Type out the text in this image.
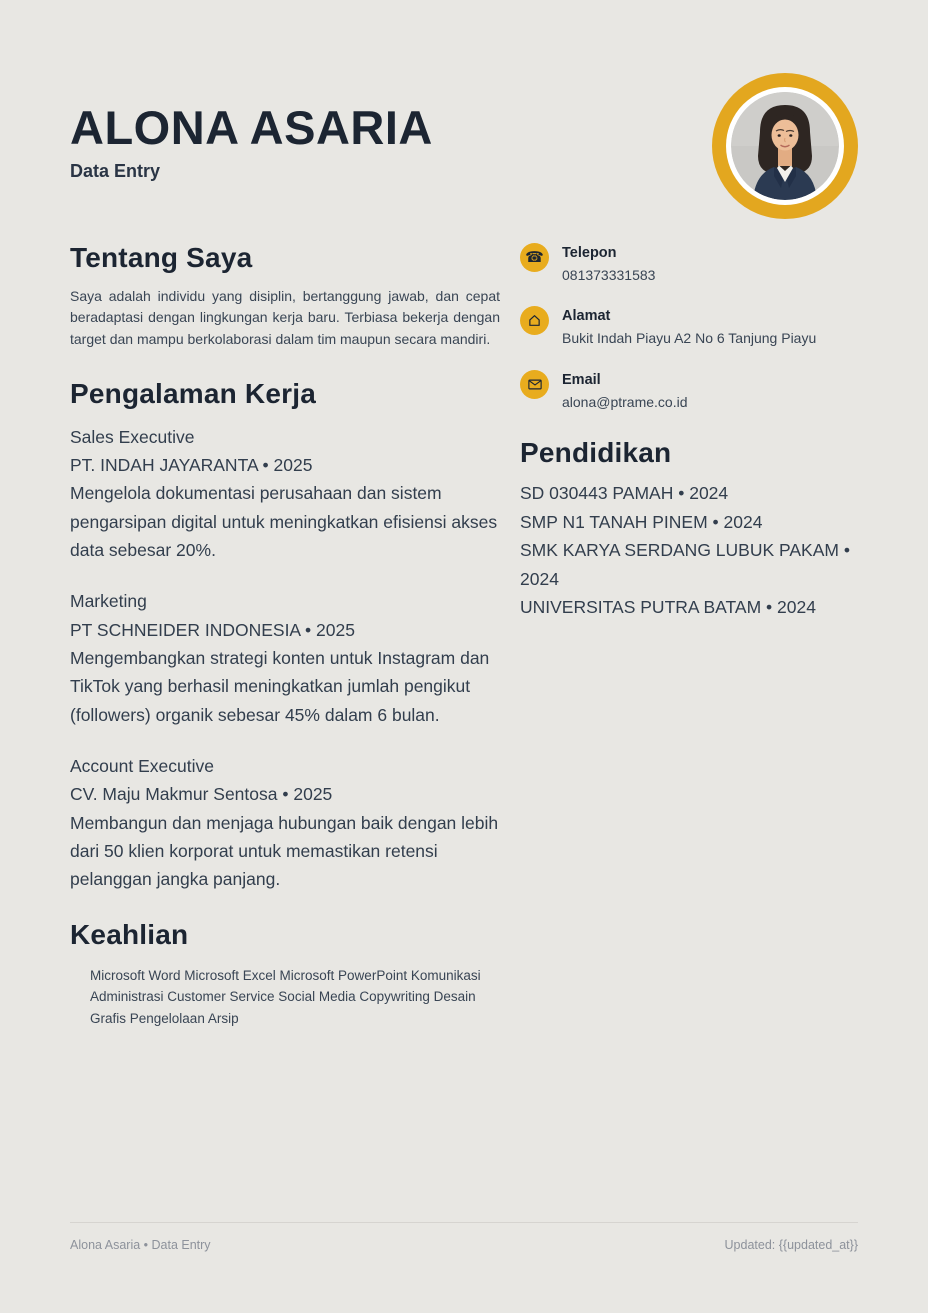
ALONA ASARIA
Data Entry
Tentang Saya

Saya adalah individu yang disiplin, bertanggung jawab, dan cepat beradaptasi dengan lingkungan kerja baru. Terbiasa bekerja dengan target dan mampu berkolaborasi dalam tim maupun secara mandiri.

Pengalaman Kerja
Sales Executive
PT. INDAH JAYARANTA • 2025
Mengelola dokumentasi perusahaan dan sistem pengarsipan digital untuk meningkatkan efisiensi akses data sebesar 20%.
Marketing
PT SCHNEIDER INDONESIA • 2025
Mengembangkan strategi konten untuk Instagram dan TikTok yang berhasil meningkatkan jumlah pengikut (followers) organik sebesar 45% dalam 6 bulan.
Account Executive
CV. Maju Makmur Sentosa • 2025
Membangun dan menjaga hubungan baik dengan lebih dari 50 klien korporat untuk memastikan retensi pelanggan jangka panjang.
Keahlian

Microsoft Word Microsoft Excel Microsoft PowerPoint Komunikasi Administrasi Customer Service Social Media Copywriting Desain Grafis Pengelolaan Arsip

☎	Telepon
081373331583
Alamat
Bukit Indah Piayu A2 No 6 Tanjung Piayu
Email
alona@ptrame.co.id
Pendidikan
SD 030443 PAMAH • 2024
SMP N1 TANAH PINEM • 2024
SMK KARYA SERDANG LUBUK PAKAM • 2024
UNIVERSITAS PUTRA BATAM • 2024
Alona Asaria • Data Entry	Updated: {{updated_at}}
